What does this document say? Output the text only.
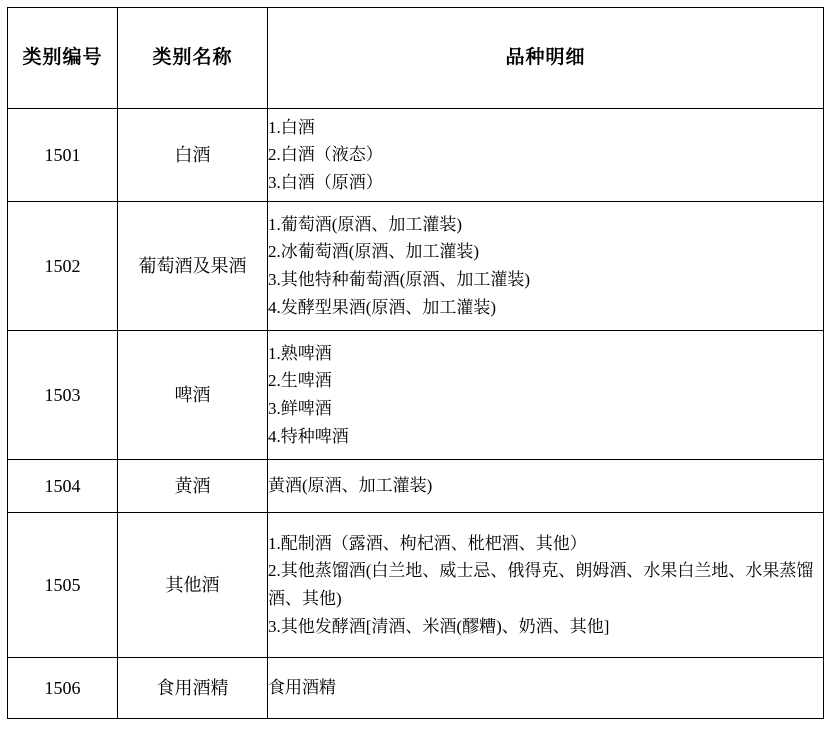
类别编号	类别名称	品种明细

1501	白酒	1.白酒
2.白酒（液态）
3.白酒（原酒）

1502	葡萄酒及果酒	1.葡萄酒(原酒、加工灌装)
2.冰葡萄酒(原酒、加工灌装)
3.其他特种葡萄酒(原酒、加工灌装)
4.发酵型果酒(原酒、加工灌装)

1503	啤酒	1.熟啤酒
2.生啤酒
3.鲜啤酒
4.特种啤酒

1504	黄酒	黄酒(原酒、加工灌装)

1505	其他酒	1.配制酒（露酒、枸杞酒、枇杷酒、其他）
2.其他蒸馏酒(白兰地、威士忌、俄得克、朗姆酒、水果白兰地、水果蒸馏酒、其他)
3.其他发酵酒[清酒、米酒(醪糟)、奶酒、其他]

1506	食用酒精	食用酒精
